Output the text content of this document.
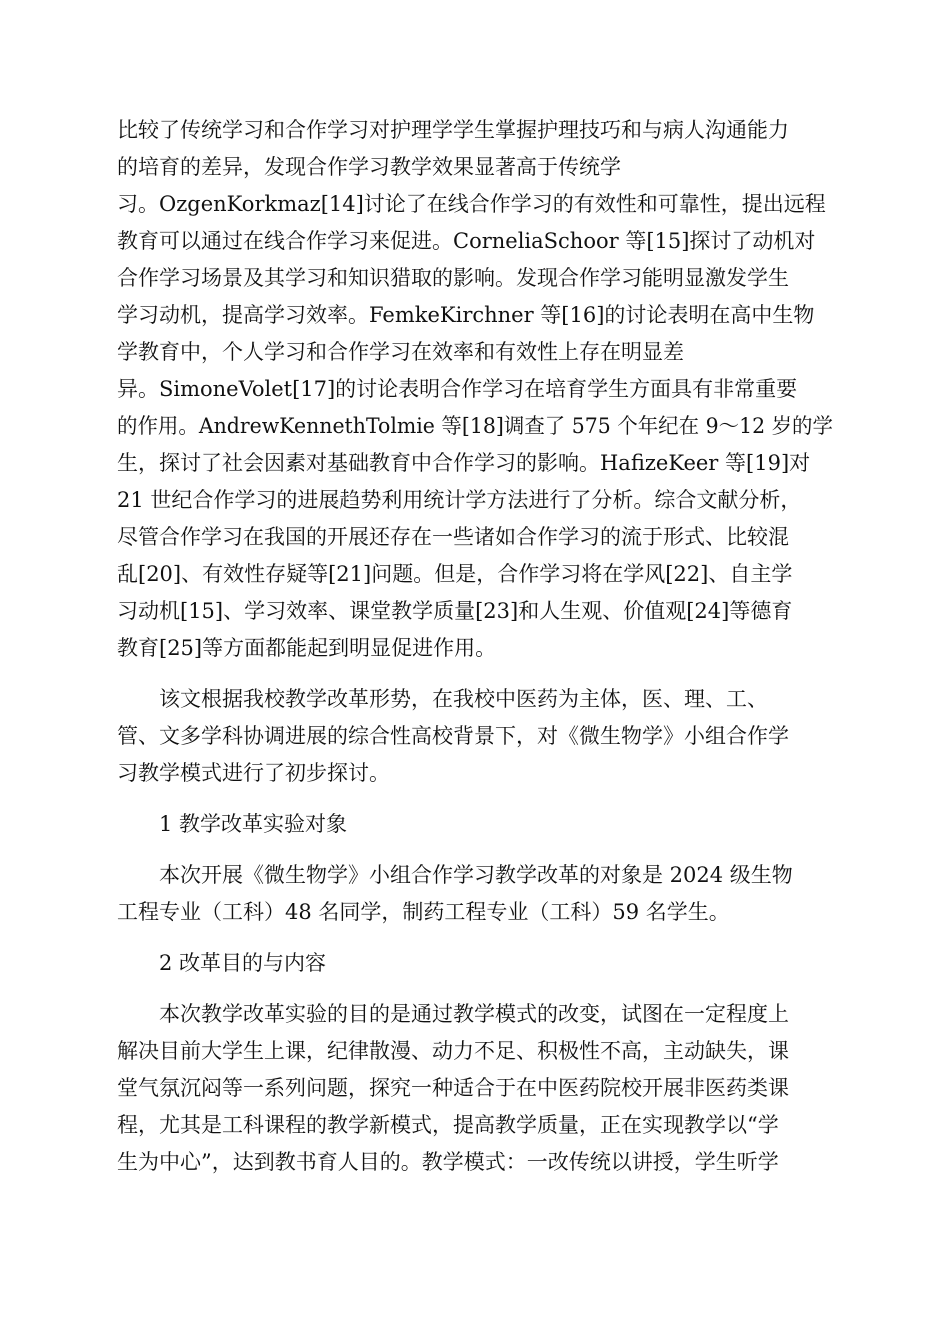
比较了传统学习和合作学习对护理学学生掌握护理技巧和与病人沟通能力
的培育的差异，发现合作学习教学效果显著高于传统学
习。OzgenKorkmaz[14]讨论了在线合作学习的有效性和可靠性，提出远程
教育可以通过在线合作学习来促进。CorneliaSchoor 等[15]探讨了动机对
合作学习场景及其学习和知识猎取的影响。发现合作学习能明显激发学生
学习动机，提高学习效率。FemkeKirchner 等[16]的讨论表明在高中生物
学教育中，个人学习和合作学习在效率和有效性上存在明显差
异。SimoneVolet[17]的讨论表明合作学习在培育学生方面具有非常重要
的作用。AndrewKennethTolmie 等[18]调查了 575 个年纪在 9～12 岁的学
生，探讨了社会因素对基础教育中合作学习的影响。HafizeKeer 等[19]对
21 世纪合作学习的进展趋势利用统计学方法进行了分析。综合文献分析，
尽管合作学习在我国的开展还存在一些诸如合作学习的流于形式、比较混
乱[20]、有效性存疑等[21]问题。但是，合作学习将在学风[22]、自主学
习动机[15]、学习效率、课堂教学质量[23]和人生观、价值观[24]等德育
教育[25]等方面都能起到明显促进作用。
该文根据我校教学改革形势，在我校中医药为主体，医、理、工、
管、文多学科协调进展的综合性高校背景下，对《微生物学》小组合作学
习教学模式进行了初步探讨。
1 教学改革实验对象
本次开展《微生物学》小组合作学习教学改革的对象是 2024 级生物
工程专业（工科）48 名同学，制药工程专业（工科）59 名学生。
2 改革目的与内容
本次教学改革实验的目的是通过教学模式的改变，试图在一定程度上
解决目前大学生上课，纪律散漫、动力不足、积极性不高，主动缺失，课
堂气氛沉闷等一系列问题，探究一种适合于在中医药院校开展非医药类课
程，尤其是工科课程的教学新模式，提高教学质量，正在实现教学以“学
生为中心”，达到教书育人目的。教学模式：一改传统以讲授，学生听学
